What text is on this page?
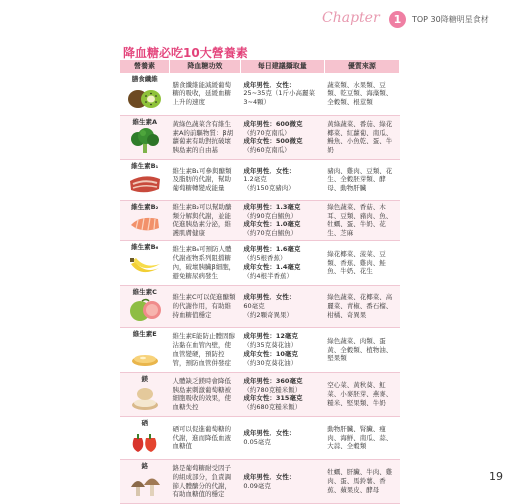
Chapter	1	TOP 30降糖明星食材
降血糖必吃10大營養素
營養素	降血糖功效	每日建議攝取量	優質來源

膳食纖維	膳食纖維能減緩葡萄糖的吸收，延緩血糖上升的速度	成年男性．女性：
25∼35克（1斤小高麗菜3∼4顆）	蔬菜類、水果類、豆類、乾豆類、海藻類、全穀類、根莖類

維生素A	黃綠色蔬菜含有維生素A的前驅物質：β胡蘿蔔素有助對抗破壞胰島素的自由基	成年男性：600微克
（約70克南瓜）
成年女性：500微克
（約60克南瓜）	黃綠蔬菜、番茄、綠花椰菜、紅蘿蔔、南瓜、鰻魚、小魚乾、蛋、牛奶

維生素B₁	維生素B₁可參與醣類及脂肪的代謝，幫助葡萄糖轉變成能量	成年男性．女性：
1.2毫克
（約150克豬肉）	豬肉、雞肉、豆類、花生、全穀胚芽類、酵母、動物肝臟

維生素B₂	維生素B₂可以幫助醣類分解與代謝，並能促進胰島素分泌，維護肌膚健康	成年男性：1.3毫克
（約90克白鯧魚）
成年女性：1.0毫克
（約70克白鯧魚）	綠色蔬菜、香菇、木耳、豆類、豬肉、魚、牡蠣、蛋、牛奶、花生、芝麻

維生素B₆	維生素B₆可預防人體代謝產物系列阻擋糖內，破壞胰臟β細胞，避免糖尿病發生	成年男性：1.6毫克
（約5根香蕉）
成年女性：1.4毫克
（約4根半香蕉）	綠花椰菜、菠菜、豆類、香蕉、雞肉、鮭魚、牛奶、花生

維生素C	維生素C可以促進醣類的代謝作用，有助維持血糖值穩定	成年男性．女性：
60毫克
（約2顆奇異果）	綠色蔬菜、花椰菜、高麗菜、青椒、番石榴、柑橘、奇異果

維生素E	維生素E能防止體固醇沾黏在血管內壁，使血管變硬，預防控管，預防血管併發症	成年男性：12毫克
（約35克葵花油）
成年女性：10毫克
（約30克葵花油）	綠色蔬菜、肉類、蛋黃、全穀類、植物油、堅果類

鎂	人體缺乏鎂時會降低胰島素刺激葡萄糖被細胞吸收的效果，使血糖失控	成年男性：360毫克
（約780克糙米飯）
成年女性：315毫克
（約680克糙米飯）	空心菜、黃秋葵、魟菜、小麥胚芽、燕麥、糙米、堅果類、牛奶

硒	硒可以促進葡萄糖的代謝，進而降低血液血糖值	成年男性．女性：
0.05毫克	動物肝臟、腎臟、瘦肉、海鮮、南瓜、蒜、大蒜、全穀類

鉻	鉻是葡萄糖耐受因子的組成部分，負責調節人體醣分的代謝，有助血糖值的穩定	成年男性．女性：
0.09毫克	牡蠣、肝臟、牛肉、雞肉、蛋、馬鈴薯、香蕉、蘋果皮、酵母
19
